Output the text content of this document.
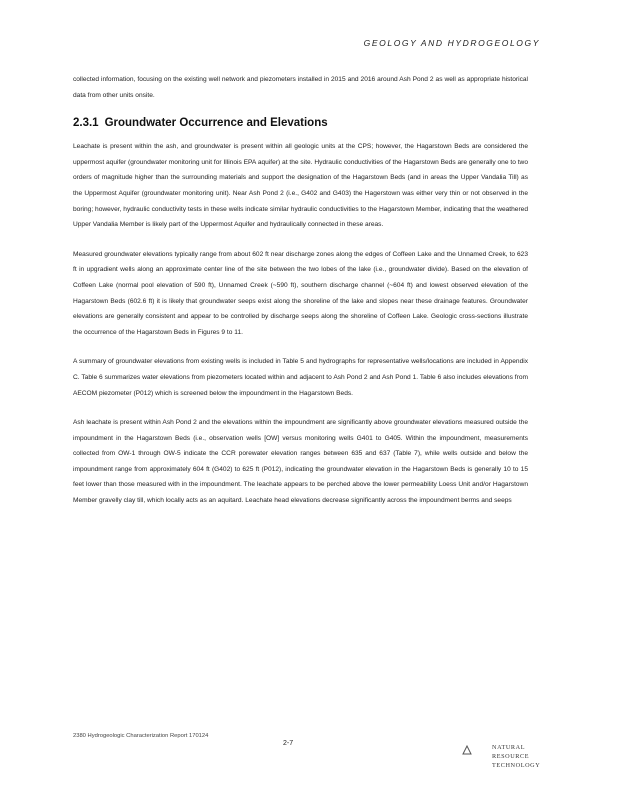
GEOLOGY AND HYDROGEOLOGY

collected information, focusing on the existing well network and piezometers installed in 2015 and 2016 around Ash Pond 2 as well as appropriate historical data from other units onsite.

2.3.1 Groundwater Occurrence and Elevations

Leachate is present within the ash, and groundwater is present within all geologic units at the CPS; however, the Hagarstown Beds are considered the uppermost aquifer (groundwater monitoring unit for Illinois EPA aquifer) at the site. Hydraulic conductivities of the Hagarstown Beds are generally one to two orders of magnitude higher than the surrounding materials and support the designation of the Hagarstown Beds (and in areas the Upper Vandalia Till) as the Uppermost Aquifer (groundwater monitoring unit). Near Ash Pond 2 (i.e., G402 and G403) the Hagerstown was either very thin or not observed in the boring; however, hydraulic conductivity tests in these wells indicate similar hydraulic conductivities to the Hagarstown Member, indicating that the weathered Upper Vandalia Member is likely part of the Uppermost Aquifer and hydraulically connected in these areas.

Measured groundwater elevations typically range from about 602 ft near discharge zones along the edges of Coffeen Lake and the Unnamed Creek, to 623 ft in upgradient wells along an approximate center line of the site between the two lobes of the lake (i.e., groundwater divide). Based on the elevation of Coffeen Lake (normal pool elevation of 590 ft), Unnamed Creek (~590 ft), southern discharge channel (~604 ft) and lowest observed elevation of the Hagarstown Beds (602.6 ft) it is likely that groundwater seeps exist along the shoreline of the lake and slopes near these drainage features. Groundwater elevations are generally consistent and appear to be controlled by discharge seeps along the shoreline of Coffeen Lake. Geologic cross-sections illustrate the occurrence of the Hagarstown Beds in Figures 9 to 11.

A summary of groundwater elevations from existing wells is included in Table 5 and hydrographs for representative wells/locations are included in Appendix C. Table 6 summarizes water elevations from piezometers located within and adjacent to Ash Pond 2 and Ash Pond 1. Table 6 also includes elevations from AECOM piezometer (P012) which is screened below the impoundment in the Hagarstown Beds.

Ash leachate is present within Ash Pond 2 and the elevations within the impoundment are significantly above groundwater elevations measured outside the impoundment in the Hagarstown Beds (i.e., observation wells [OW] versus monitoring wells G401 to G405. Within the impoundment, measurements collected from OW-1 through OW-5 indicate the CCR porewater elevation ranges between 635 and 637 (Table 7), while wells outside and below the impoundment range from approximately 604 ft (G402) to 625 ft (P012), indicating the groundwater elevation in the Hagarstown Beds is generally 10 to 15 feet lower than those measured with in the impoundment. The leachate appears to be perched above the lower permeability Loess Unit and/or Hagarstown Member gravelly clay till, which locally acts as an aquitard. Leachate head elevations decrease significantly across the impoundment berms and seeps

2380 Hydrogeologic Characterization Report 170124
2-7
NATURAL
RESOURCE
TECHNOLOGY
